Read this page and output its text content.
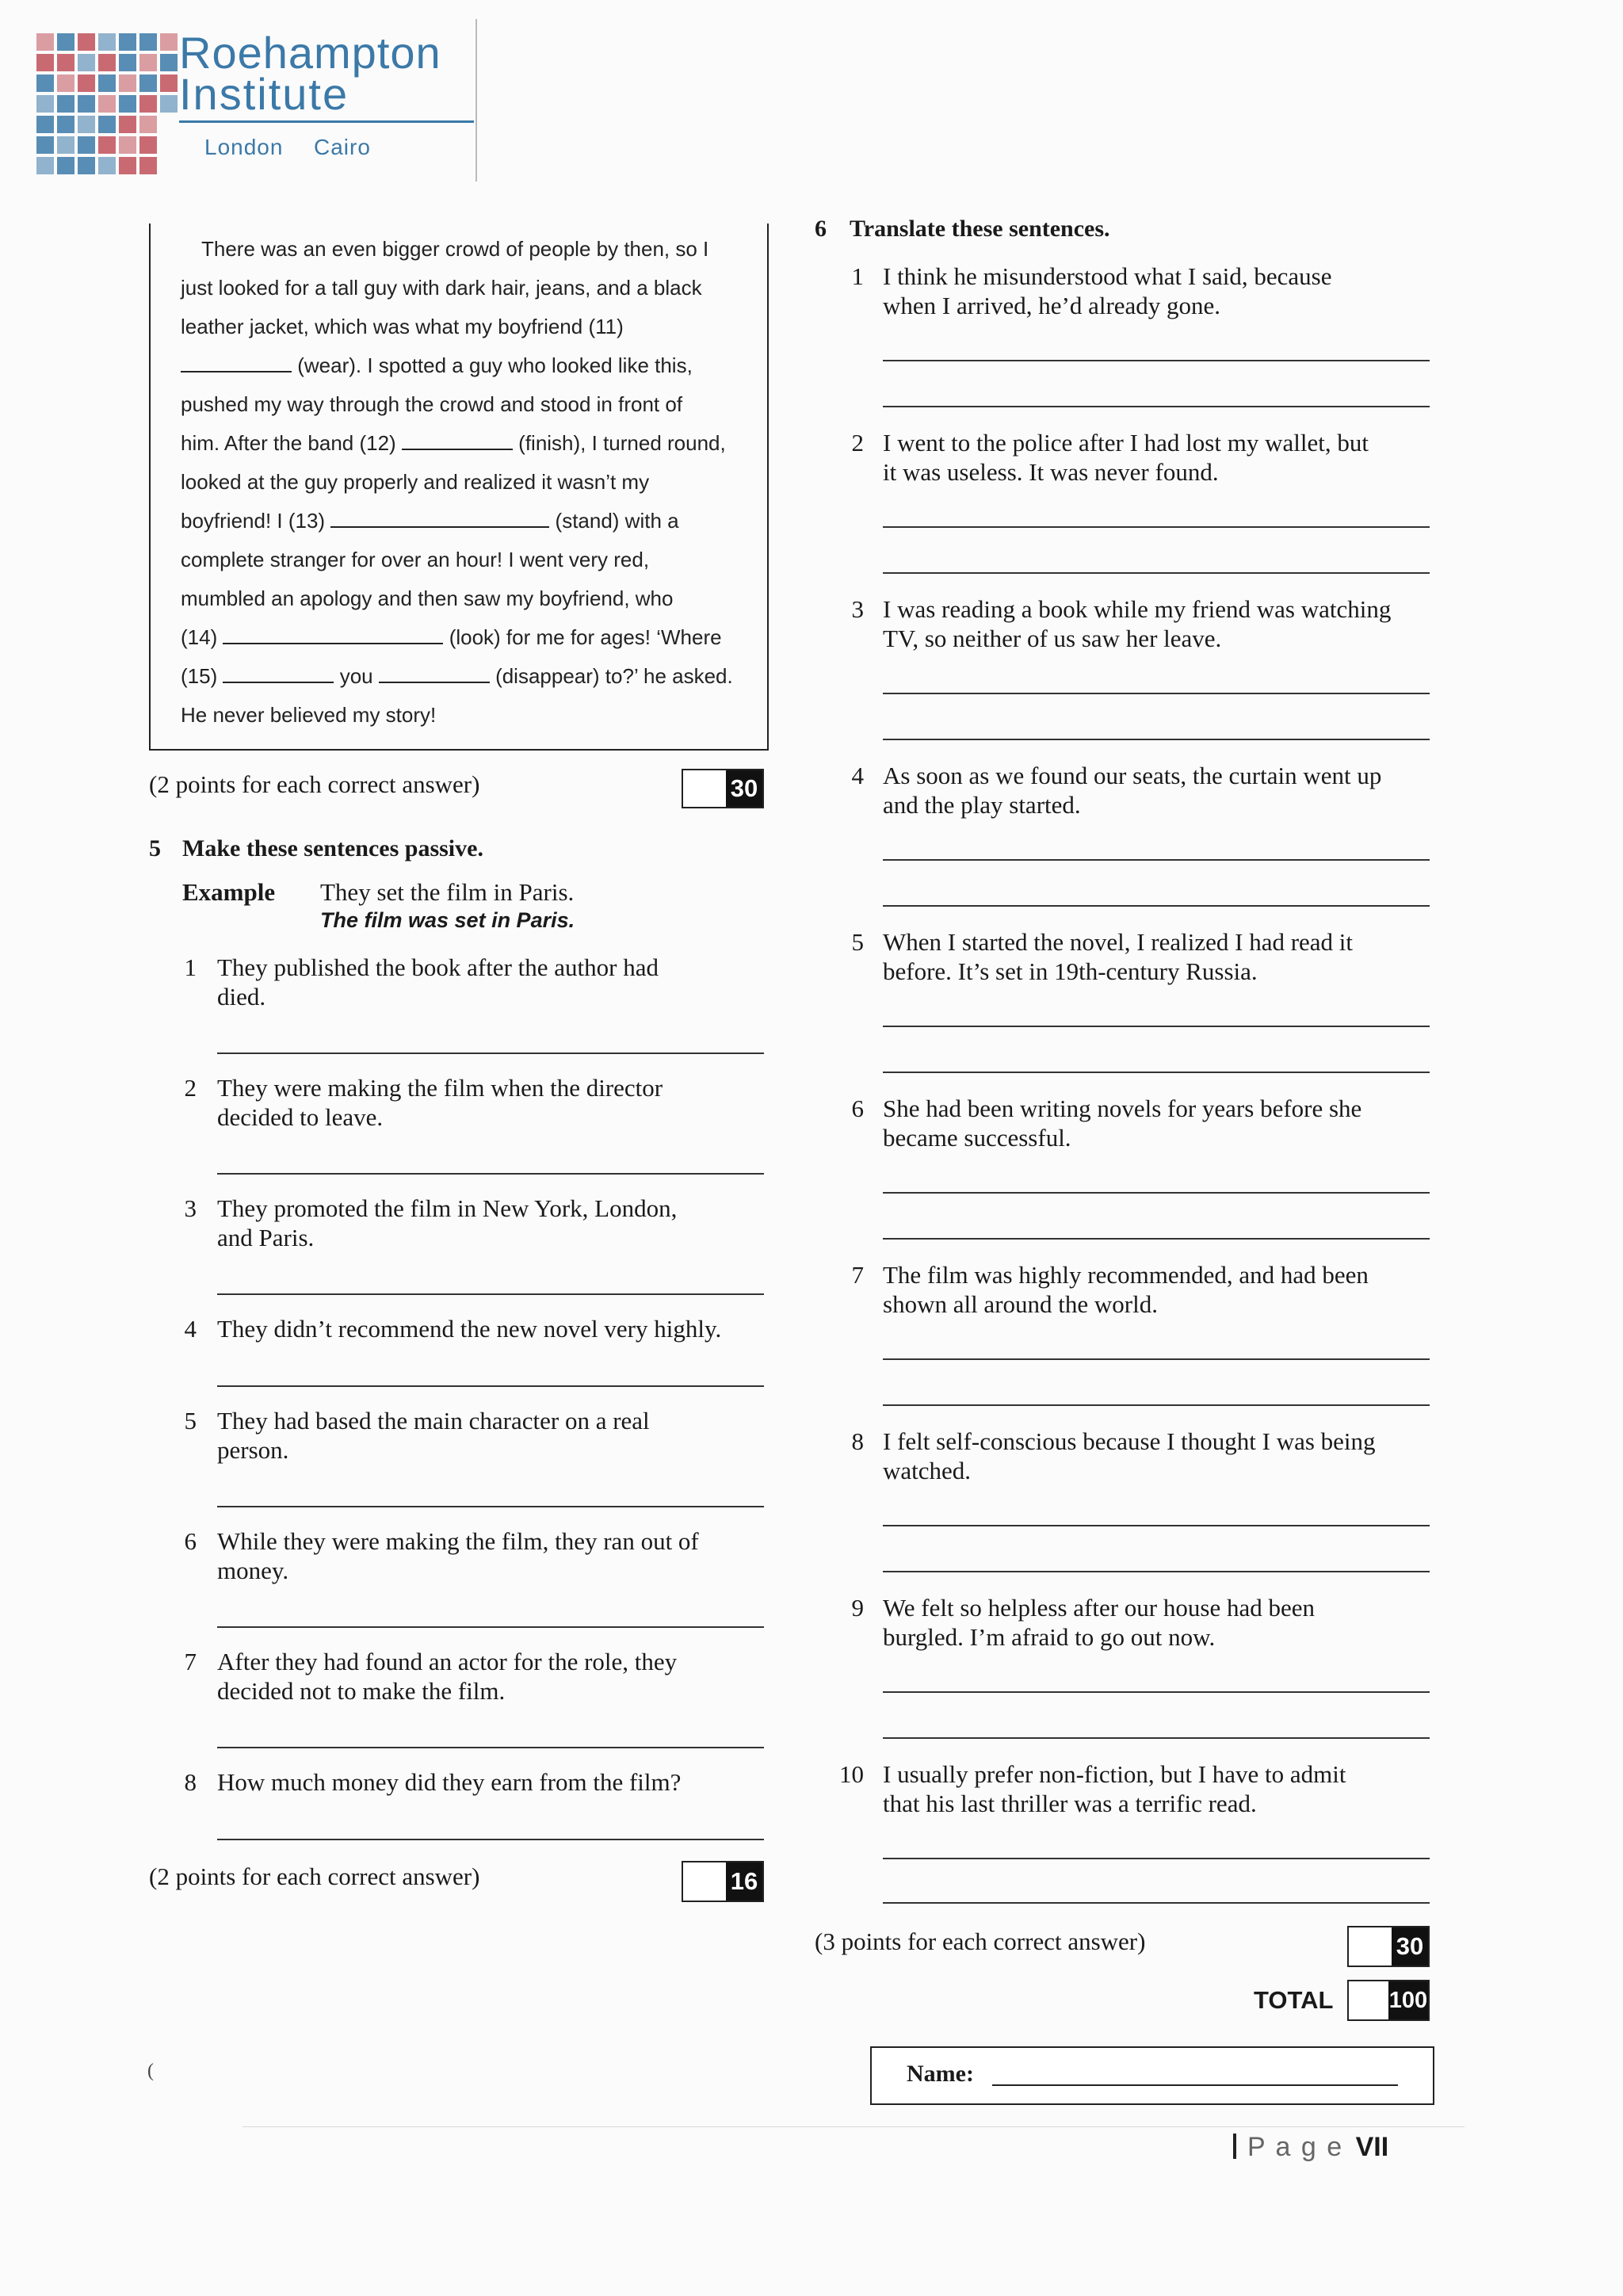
Roehampton
Institute
London Cairo
There was an even bigger crowd of people by then, so I
just looked for a tall guy with dark hair, jeans, and a black
leather jacket, which was what my boyfriend (11)
(wear). I spotted a guy who looked like this,
pushed my way through the crowd and stood in front of
him. After the band (12)	(finish), I turned round,
looked at the guy properly and realized it wasn’t my
boyfriend! I (13)	(stand) with a
complete stranger for over an hour! I went very red,
mumbled an apology and then saw my boyfriend, who
(14)	(look) for me for ages! ‘Where
(15)	you	(disappear) to?’ he asked.
He never believed my story!
(2 points for each correct answer)	30
5 Make these sentences passive.
Example They set the film in Paris.
The film was set in Paris.
1 They published the book after the author had
died.
2 They were making the film when the director
decided to leave.
3 They promoted the film in New York, London,
and Paris.
4 They didn’t recommend the new novel very highly.
5 They had based the main character on a real
person.
6 While they were making the film, they ran out of
money.
7 After they had found an actor for the role, they
decided not to make the film.
8 How much money did they earn from the film?
(2 points for each correct answer)	16
(
6 Translate these sentences.
1 I think he misunderstood what I said, because
when I arrived, he’d already gone.
2 I went to the police after I had lost my wallet, but
it was useless. It was never found.
3 I was reading a book while my friend was watching
TV, so neither of us saw her leave.
4 As soon as we found our seats, the curtain went up
and the play started.
5 When I started the novel, I realized I had read it
before. It’s set in 19th-century Russia.
6 She had been writing novels for years before she
became successful.
7 The film was highly recommended, and had been
shown all around the world.
8 I felt self-conscious because I thought I was being
watched.
9 We felt so helpless after our house had been
burgled. I’m afraid to go out now.
10 I usually prefer non-fiction, but I have to admit
that his last thriller was a terrific read.
(3 points for each correct answer)	30
TOTAL 100
Name:
P a g e VII
